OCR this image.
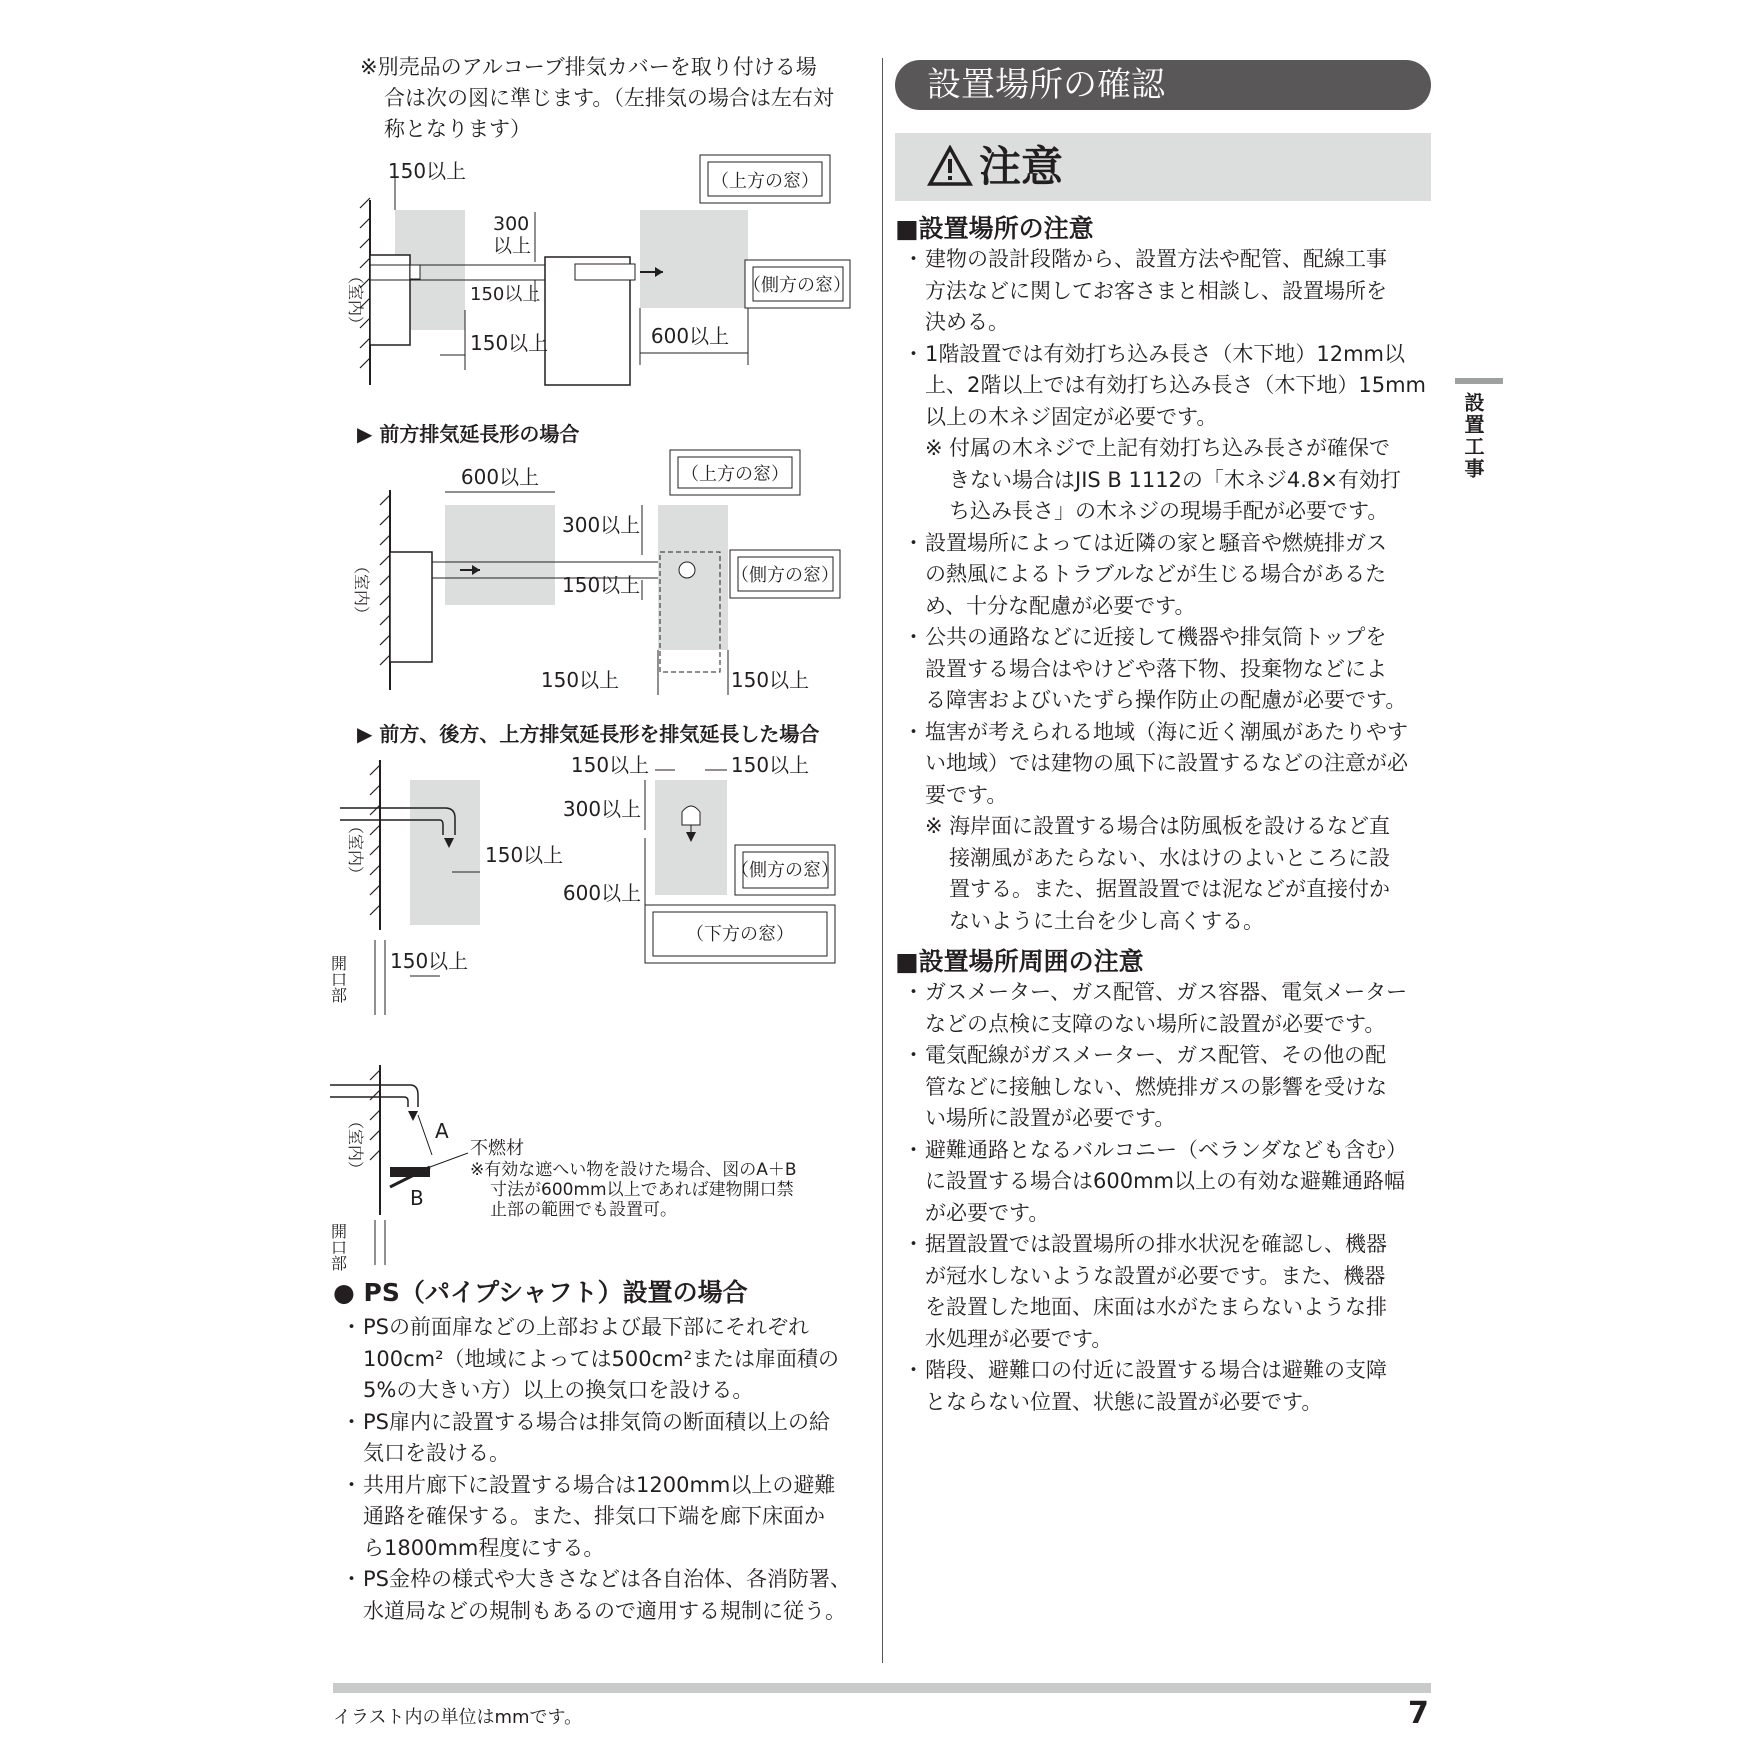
※別売品のアルコーブ排気カバーを取り付ける場
合は次の図に準じます。（左排気の場合は左右対
称となります）
（上方の窓）
（側方の窓）
150以上
300
以上
150以上
150以上	600以上
（室内）
▶ 前方排気延長形の場合
（上方の窓）
（側方の窓）
600以上
300以上
150以上
150以上	150以上
（室内）
▶ 前方、後方、上方排気延長形を排気延長した場合
（側方の窓）
（下方の窓）
150以上	150以上
300以上
150以上
600以上
150以上
（室内）
開口部
A
B
不燃材
※有効な遮へい物を設けた場合、図のA＋B
寸法が600mm以上であれば建物開口禁
止部の範囲でも設置可。
（室内）
開口部
● PS（パイプシャフト）設置の場合
・ PSの前面扉などの上部および最下部にそれぞれ
100cm²（地域によっては500cm²または扉面積の
5%の大きい方）以上の換気口を設ける。
・ PS扉内に設置する場合は排気筒の断面積以上の給
気口を設ける。
・ 共用片廊下に設置する場合は1200mm以上の避難
通路を確保する。また、排気口下端を廊下床面か
ら1800mm程度にする。
・ PS金枠の様式や大きさなどは各自治体、各消防署、
水道局などの規制もあるので適用する規制に従う。
設置場所の確認
注意
■設置場所の注意
・ 建物の設計段階から、設置方法や配管、配線工事
方法などに関してお客さまと相談し、設置場所を
決める。
・ 1階設置では有効打ち込み長さ（木下地）12mm以
上、2階以上では有効打ち込み長さ（木下地）15mm
以上の木ネジ固定が必要です。
※ 付属の木ネジで上記有効打ち込み長さが確保で
きない場合はJIS B 1112の「木ネジ4.8×有効打
ち込み長さ」の木ネジの現場手配が必要です。
・ 設置場所によっては近隣の家と騒音や燃焼排ガス
の熱風によるトラブルなどが生じる場合があるた
め、十分な配慮が必要です。
・ 公共の通路などに近接して機器や排気筒トップを
設置する場合はやけどや落下物、投棄物などによ
る障害およびいたずら操作防止の配慮が必要です。
・ 塩害が考えられる地域（海に近く潮風があたりやす
い地域）では建物の風下に設置するなどの注意が必
要です。
※ 海岸面に設置する場合は防風板を設けるなど直
接潮風があたらない、水はけのよいところに設
置する。また、据置設置では泥などが直接付か
ないように土台を少し高くする。
■設置場所周囲の注意
・ ガスメーター、ガス配管、ガス容器、電気メーター
などの点検に支障のない場所に設置が必要です。
・ 電気配線がガスメーター、ガス配管、その他の配
管などに接触しない、燃焼排ガスの影響を受けな
い場所に設置が必要です。
・ 避難通路となるバルコニー（ベランダなども含む）
に設置する場合は600mm以上の有効な避難通路幅
が必要です。
・ 据置設置では設置場所の排水状況を確認し、機器
が冠水しないような設置が必要です。また、機器
を設置した地面、床面は水がたまらないような排
水処理が必要です。
・ 階段、避難口の付近に設置する場合は避難の支障
とならない位置、状態に設置が必要です。
設置工事
イラスト内の単位はmmです。	7
